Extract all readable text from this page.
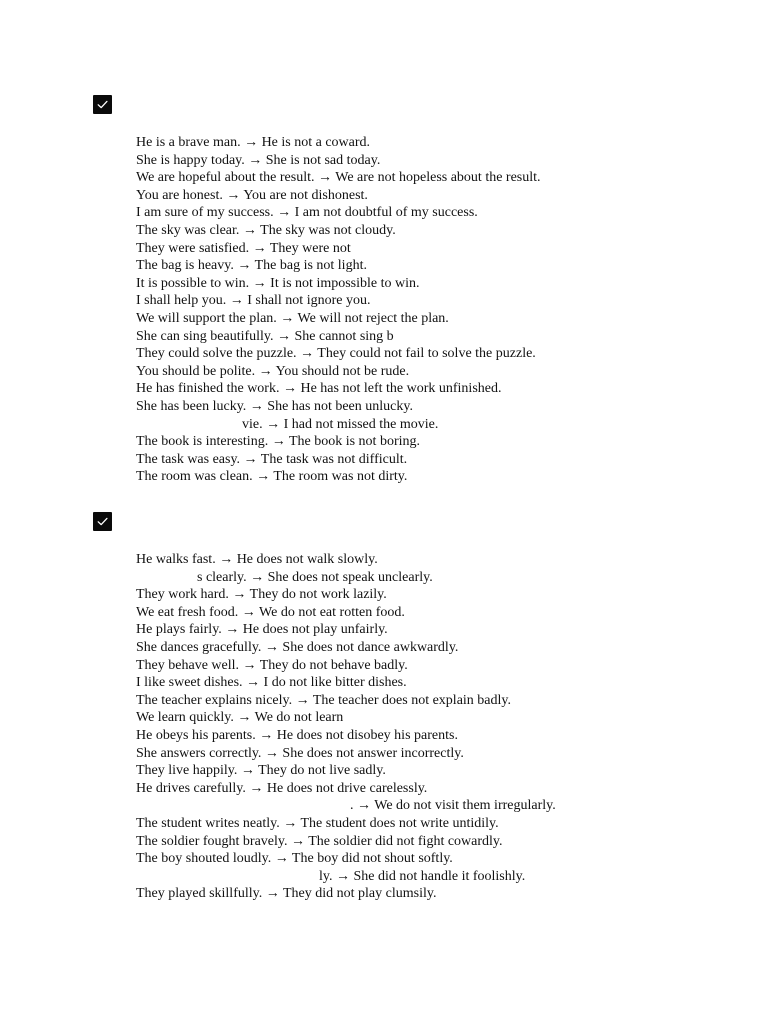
He is a brave man. → He is not a coward.
She is happy today. → She is not sad today.
We are hopeful about the result. → We are not hopeless about the result.
You are honest. → You are not dishonest.
I am sure of my success. → I am not doubtful of my success.
The sky was clear. → The sky was not cloudy.
They were satisfied. → They were not
The bag is heavy. → The bag is not light.
It is possible to win. → It is not impossible to win.
I shall help you. → I shall not ignore you.
We will support the plan. → We will not reject the plan.
She can sing beautifully. → She cannot sing b
They could solve the puzzle. → They could not fail to solve the puzzle.
You should be polite. → You should not be rude.
He has finished the work. → He has not left the work unfinished.
She has been lucky. → She has not been unlucky.
vie. → I had not missed the movie.
The book is interesting. → The book is not boring.
The task was easy. → The task was not difficult.
The room was clean. → The room was not dirty.
He walks fast. → He does not walk slowly.
s clearly. → She does not speak unclearly.
They work hard. → They do not work lazily.
We eat fresh food. → We do not eat rotten food.
He plays fairly. → He does not play unfairly.
She dances gracefully. → She does not dance awkwardly.
They behave well. → They do not behave badly.
I like sweet dishes. → I do not like bitter dishes.
The teacher explains nicely. → The teacher does not explain badly.
We learn quickly. → We do not learn
He obeys his parents. → He does not disobey his parents.
She answers correctly. → She does not answer incorrectly.
They live happily. → They do not live sadly.
He drives carefully. → He does not drive carelessly.
. → We do not visit them irregularly.
The student writes neatly. → The student does not write untidily.
The soldier fought bravely. → The soldier did not fight cowardly.
The boy shouted loudly. → The boy did not shout softly.
ly. → She did not handle it foolishly.
They played skillfully. → They did not play clumsily.
